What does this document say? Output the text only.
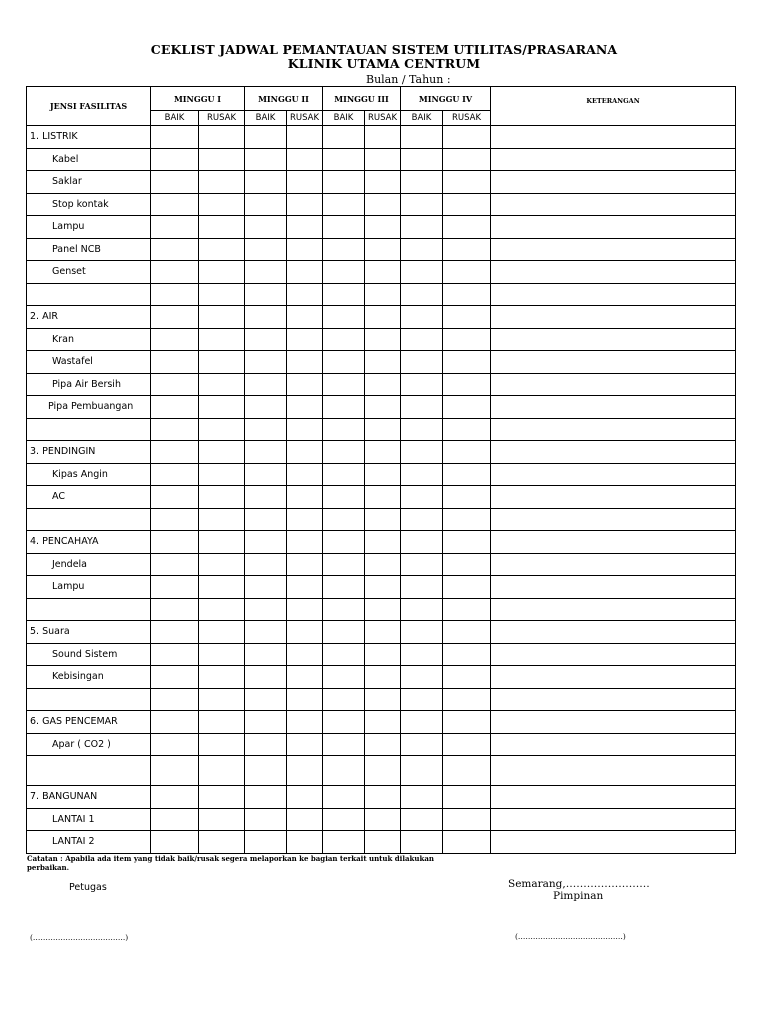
CEKLIST JADWAL PEMANTAUAN SISTEM UTILITAS/PRASARANA
KLINIK UTAMA CENTRUM
Bulan / Tahun :
JENSI FASILITAS	MINGGU I		MINGGU II		MINGGU III		MINGGU IV		KETERANGAN
	BAIK	RUSAK	BAIK	RUSAK	BAIK	RUSAK	BAIK	RUSAK	
1. LISTRIK									
Kabel									
Saklar									
Stop kontak									
Lampu									
Panel NCB									
Genset									

2. AIR									
Kran									
Wastafel									
Pipa Air Bersih									
Pipa Pembuangan									

3. PENDINGIN									
Kipas Angin									
AC									

4. PENCAHAYA									
Jendela									
Lampu									

5. Suara									
Sound Sistem									
Kebisingan									

6. GAS PENCEMAR									
Apar ( CO2 )									

7. BANGUNAN									
LANTAI 1									
LANTAI 2									
Catatan : Apabila ada item yang tidak baik/rusak segera melaporkan ke bagian terkait untuk dilakukan
perbaikan.
Petugas	Semarang,……………………
Pimpinan
(……………………………….)	(……………………………………)
